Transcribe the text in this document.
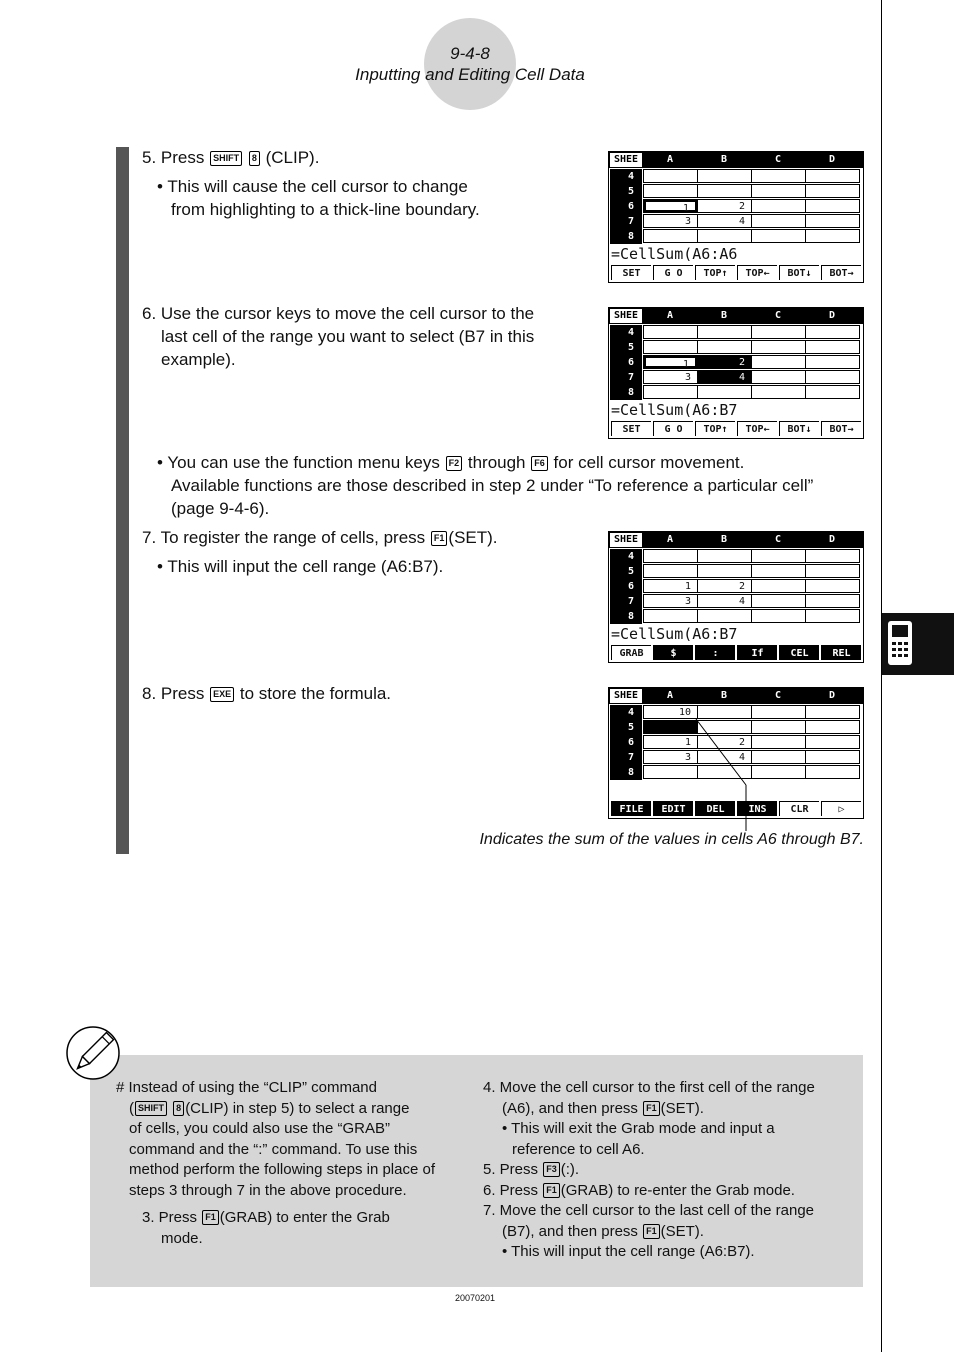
9-4-8
Inputting and Editing Cell Data
5. Press SHIFT 8 (CLIP).
• This will cause the cell cursor to change
from highlighting to a thick-line boundary.
6. Use the cursor keys to move the cell cursor to the
last cell of the range you want to select (B7 in this
example).
• You can use the function menu keys F2 through F6 for cell cursor movement.
Available functions are those described in step 2 under “To reference a particular cell”
(page 9-4-6).
7. To register the range of cells, press F1 (SET).
• This will input the cell range (A6:B7).
8. Press EXE to store the formula.
SHEE	A	B	C	D
4
5
6	1	2
7	3	4
8
=CellSum(A6:A6
SET	G O	TOP↑	TOP←	BOT↓	BOT→
SHEE	A	B	C	D
4
5
6	1	2
7	3	4
8
=CellSum(A6:B7
SET	G O	TOP↑	TOP←	BOT↓	BOT→
SHEE	A	B	C	D
4
5
6	1	2
7	3	4
8
=CellSum(A6:B7
GRAB	$	:	If	CEL	REL
SHEE	A	B	C	D
4	10
5
6	1	2
7	3	4
8
FILE	EDIT	DEL	INS	CLR	▷
Indicates the sum of the values in cells A6 through B7.
# Instead of using the “CLIP” command
( SHIFT 8 (CLIP) in step 5) to select a range
of cells, you could also use the “GRAB”
command and the “:” command. To use this
method perform the following steps in place of
steps 3 through 7 in the above procedure.
3. Press F1 (GRAB) to enter the Grab
mode.
4. Move the cell cursor to the first cell of the range
(A6), and then press F1 (SET).
• This will exit the Grab mode and input a
reference to cell A6.
5. Press F3 (:).
6. Press F1 (GRAB) to re-enter the Grab mode.
7. Move the cell cursor to the last cell of the range
(B7), and then press F1 (SET).
• This will input the cell range (A6:B7).
20070201
